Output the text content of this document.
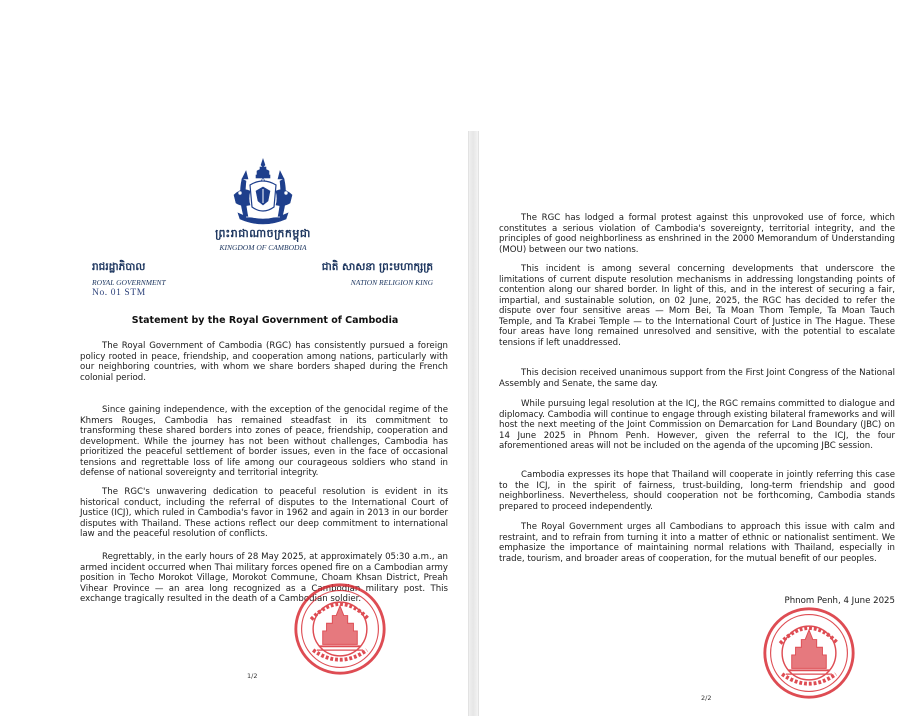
ព្រះរាជាណាចក្រកម្ពុជា
KINGDOM OF CAMBODIA
រាជរដ្ឋាភិបាល
ROYAL GOVERNMENT
No. 01 STM
ជាតិ សាសនា ព្រះមហាក្សត្រ
NATION RELIGION KING
Statement by the Royal Government of Cambodia

The Royal Government of Cambodia (RGC) has consistently pursued a foreign policy rooted in peace, friendship, and cooperation among nations, particularly with our neighboring countries, with whom we share borders shaped during the French colonial period.

Since gaining independence, with the exception of the genocidal regime of the Khmers Rouges, Cambodia has remained steadfast in its commitment to transforming these shared borders into zones of peace, friendship, cooperation and development. While the journey has not been without challenges, Cambodia has prioritized the peaceful settlement of border issues, even in the face of occasional tensions and regrettable loss of life among our courageous soldiers who stand in defense of national sovereignty and territorial integrity.

The RGC's unwavering dedication to peaceful resolution is evident in its historical conduct, including the referral of disputes to the International Court of Justice (ICJ), which ruled in Cambodia's favor in 1962 and again in 2013 in our border disputes with Thailand. These actions reflect our deep commitment to international law and the peaceful resolution of conflicts.

Regrettably, in the early hours of 28 May 2025, at approximately 05:30 a.m., an armed incident occurred when Thai military forces opened fire on a Cambodian army position in Techo Morokot Village, Morokot Commune, Choam Khsan District, Preah Vihear Province — an area long recognized as a Cambodian military post. This exchange tragically resulted in the death of a Cambodian soldier.

1/2

The RGC has lodged a formal protest against this unprovoked use of force, which constitutes a serious violation of Cambodia's sovereignty, territorial integrity, and the principles of good neighborliness as enshrined in the 2000 Memorandum of Understanding (MOU) between our two nations.

This incident is among several concerning developments that underscore the limitations of current dispute resolution mechanisms in addressing longstanding points of contention along our shared border. In light of this, and in the interest of securing a fair, impartial, and sustainable solution, on 02 June, 2025, the RGC has decided to refer the dispute over four sensitive areas — Mom Bei, Ta Moan Thom Temple, Ta Moan Tauch Temple, and Ta Krabei Temple — to the International Court of Justice in The Hague. These four areas have long remained unresolved and sensitive, with the potential to escalate tensions if left unaddressed.

This decision received unanimous support from the First Joint Congress of the National Assembly and Senate, the same day.

While pursuing legal resolution at the ICJ, the RGC remains committed to dialogue and diplomacy. Cambodia will continue to engage through existing bilateral frameworks and will host the next meeting of the Joint Commission on Demarcation for Land Boundary (JBC) on 14 June 2025 in Phnom Penh. However, given the referral to the ICJ, the four aforementioned areas will not be included on the agenda of the upcoming JBC session.

Cambodia expresses its hope that Thailand will cooperate in jointly referring this case to the ICJ, in the spirit of fairness, trust-building, long-term friendship and good neighborliness. Nevertheless, should cooperation not be forthcoming, Cambodia stands prepared to proceed independently.

The Royal Government urges all Cambodians to approach this issue with calm and restraint, and to refrain from turning it into a matter of ethnic or nationalist sentiment. We emphasize the importance of maintaining normal relations with Thailand, especially in trade, tourism, and broader areas of cooperation, for the mutual benefit of our peoples.

Phnom Penh, 4 June 2025
2/2
